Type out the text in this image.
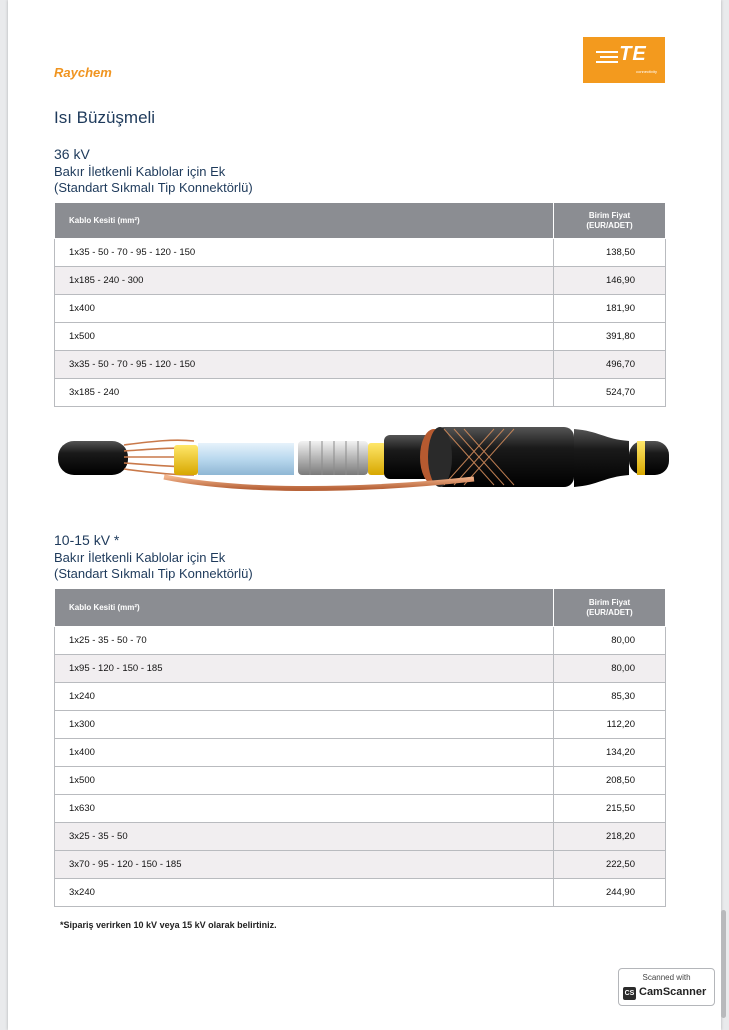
Raychem
TE
connectivity
Isı Büzüşmeli
36 kV
Bakır İletkenli Kablolar için Ek
(Standart Sıkmalı Tip Konnektörlü)
Kablo Kesiti (mm²)	Birim Fiyat
(EUR/ADET)

1x35 - 50 - 70 - 95 - 120 - 150	138,50
1x185 - 240 - 300	146,90
1x400	181,90
1x500	391,80
3x35 - 50 - 70 - 95 - 120 - 150	496,70
3x185 - 240	524,70
10-15 kV *
Bakır İletkenli Kablolar için Ek
(Standart Sıkmalı Tip Konnektörlü)
Kablo Kesiti (mm²)	Birim Fiyat
(EUR/ADET)

1x25 - 35 - 50 - 70	80,00
1x95 - 120 - 150 - 185	80,00
1x240	85,30
1x300	112,20
1x400	134,20
1x500	208,50
1x630	215,50
3x25 - 35 - 50	218,20
3x70 - 95 - 120 - 150 - 185	222,50
3x240	244,90
*Sipariş verirken 10 kV veya 15 kV olarak belirtiniz.
Scanned with
CS CamScanner
